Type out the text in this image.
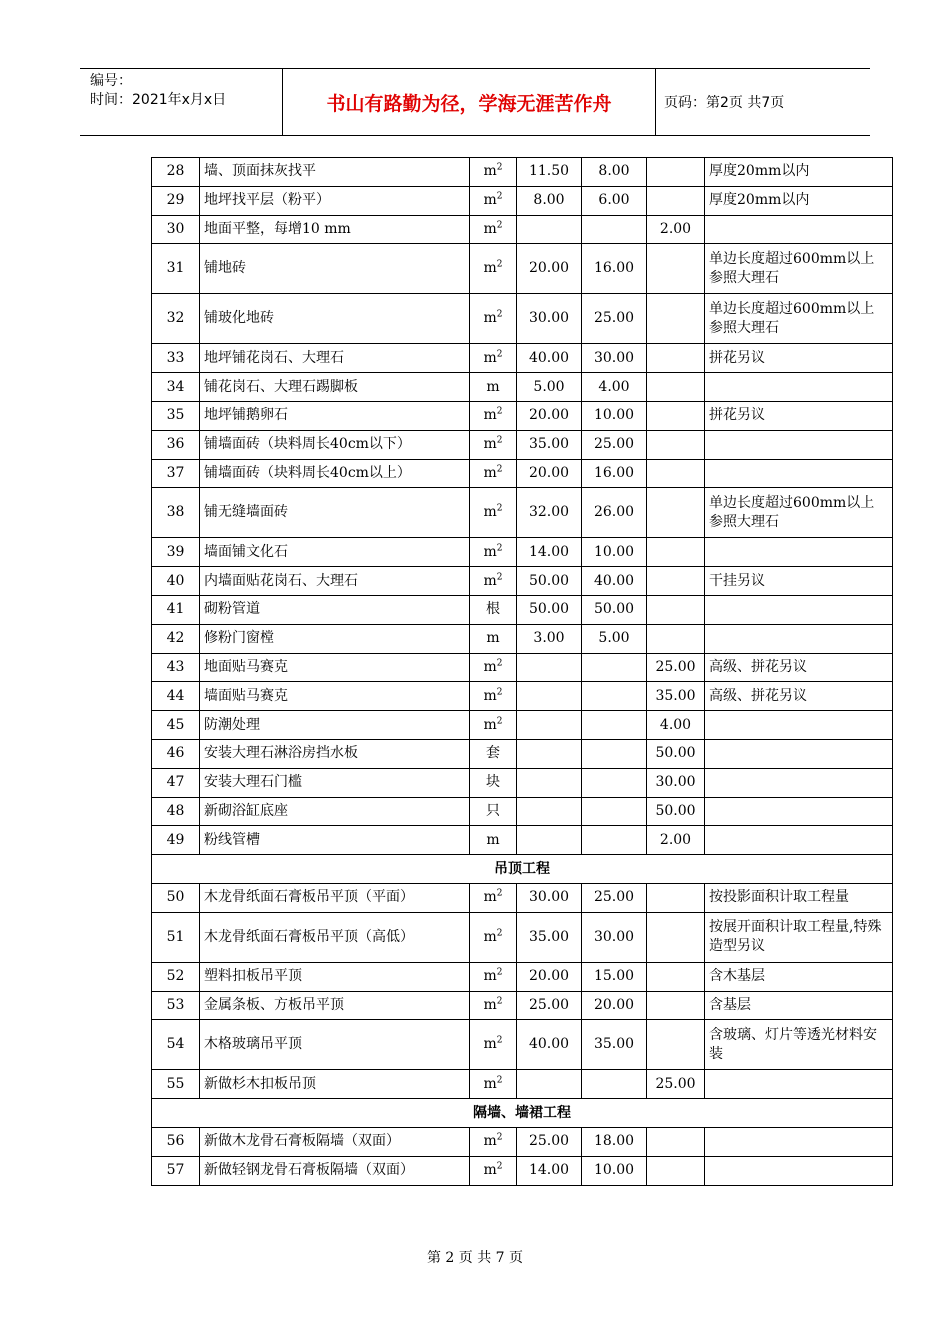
编号：
时间：2021年x月x日	书山有路勤为径，学海无涯苦作舟	页码：第2页 共7页
28	墙、顶面抹灰找平	$m^2$	11.50	8.00		厚度20mm以内
29	地坪找平层（粉平）	$m^2$	8.00	6.00		厚度20mm以内
30	地面平整，每增10 mm	$m^2$			2.00	
31	铺地砖	$m^2$	20.00	16.00		单边长度超过600mm以上参照大理石
32	铺玻化地砖	$m^2$	30.00	25.00		单边长度超过600mm以上参照大理石
33	地坪铺花岗石、大理石	$m^2$	40.00	30.00		拼花另议
34	铺花岗石、大理石踢脚板	m	5.00	4.00		
35	地坪铺鹅卵石	$m^2$	20.00	10.00		拼花另议
36	铺墙面砖（块料周长40cm以下）	$m^2$	35.00	25.00		
37	铺墙面砖（块料周长40cm以上）	$m^2$	20.00	16.00		
38	铺无缝墙面砖	$m^2$	32.00	26.00		单边长度超过600mm以上参照大理石
39	墙面铺文化石	$m^2$	14.00	10.00		
40	内墙面贴花岗石、大理石	$m^2$	50.00	40.00		干挂另议
41	砌粉管道	根	50.00	50.00		
42	修粉门窗樘	m	3.00	5.00		
43	地面贴马赛克	$m^2$			25.00	高级、拼花另议
44	墙面贴马赛克	$m^2$			35.00	高级、拼花另议
45	防潮处理	$m^2$			4.00	
46	安装大理石淋浴房挡水板	套			50.00	
47	安装大理石门槛	块			30.00	
48	新砌浴缸底座	只			50.00	
49	粉线管槽	m			2.00	
吊顶工程						
50	木龙骨纸面石膏板吊平顶（平面）	$m^2$	30.00	25.00		按投影面积计取工程量
51	木龙骨纸面石膏板吊平顶（高低）	$m^2$	35.00	30.00		按展开面积计取工程量,特殊造型另议
52	塑料扣板吊平顶	$m^2$	20.00	15.00		含木基层
53	金属条板、方板吊平顶	$m^2$	25.00	20.00		含基层
54	木格玻璃吊平顶	$m^2$	40.00	35.00		含玻璃、灯片等透光材料安装
55	新做杉木扣板吊顶	$m^2$			25.00	
隔墙、墙裙工程						
56	新做木龙骨石膏板隔墙（双面）	$m^2$	25.00	18.00		
57	新做轻钢龙骨石膏板隔墙（双面）	$m^2$	14.00	10.00		
第 2 页 共 7 页
